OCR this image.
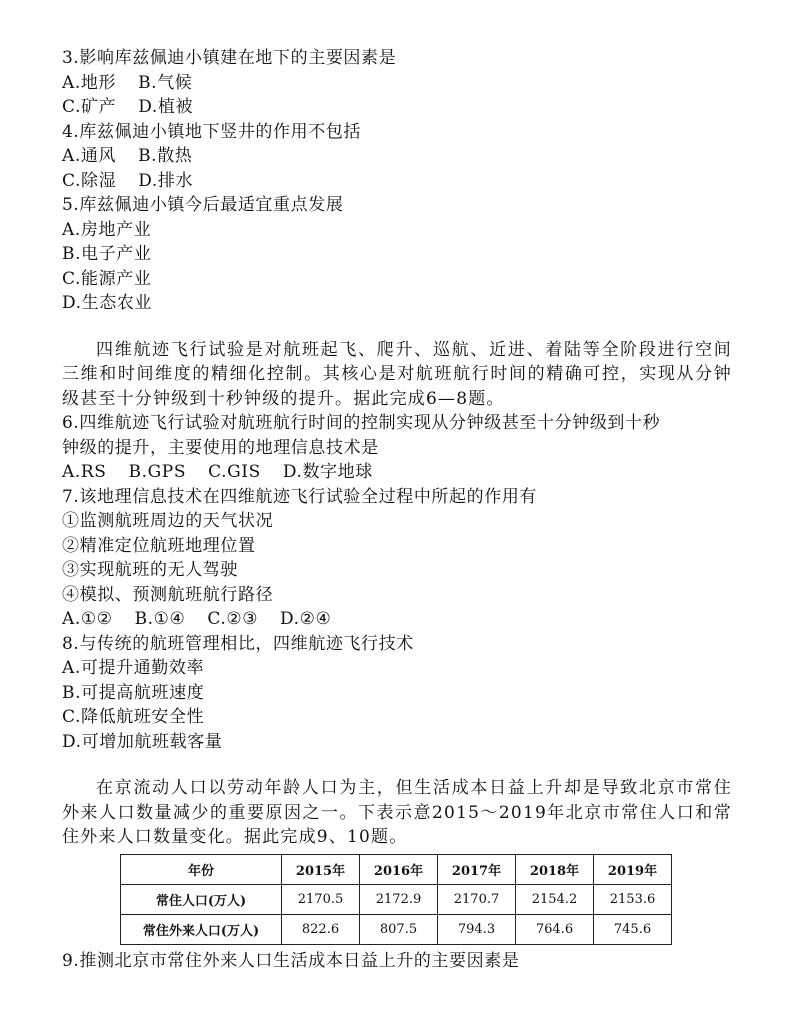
3.影响库兹佩迪小镇建在地下的主要因素是
A.地形 B.气候
C.矿产 D.植被
4.库兹佩迪小镇地下竖井的作用不包括
A.通风 B.散热
C.除湿 D.排水
5.库兹佩迪小镇今后最适宜重点发展
A.房地产业
B.电子产业
C.能源产业
D.生态农业
四维航迹飞行试验是对航班起飞、爬升、巡航、近进、着陆等全阶段进行空间三维和时间维度的精细化控制。其核心是对航班航行时间的精确可控，实现从分钟级甚至十分钟级到十秒钟级的提升。据此完成6—8题。
6.四维航迹飞行试验对航班航行时间的控制实现从分钟级甚至十分钟级到十秒
钟级的提升，主要使用的地理信息技术是
A.RS B.GPS C.GIS D.数字地球
7.该地理信息技术在四维航迹飞行试验全过程中所起的作用有
①监测航班周边的天气状况
②精准定位航班地理位置
③实现航班的无人驾驶
④模拟、预测航班航行路径
A.①② B.①④ C.②③ D.②④
8.与传统的航班管理相比，四维航迹飞行技术
A.可提升通勤效率
B.可提高航班速度
C.降低航班安全性
D.可增加航班载客量
在京流动人口以劳动年龄人口为主，但生活成本日益上升却是导致北京市常住外来人口数量减少的重要原因之一。下表示意2015～2019年北京市常住人口和常住外来人口数量变化。据此完成9、10题。
年份	2015年	2016年	2017年	2018年	2019年
常住人口(万人)	2170.5	2172.9	2170.7	2154.2	2153.6
常住外来人口(万人)	822.6	807.5	794.3	764.6	745.6
9.推测北京市常住外来人口生活成本日益上升的主要因素是
